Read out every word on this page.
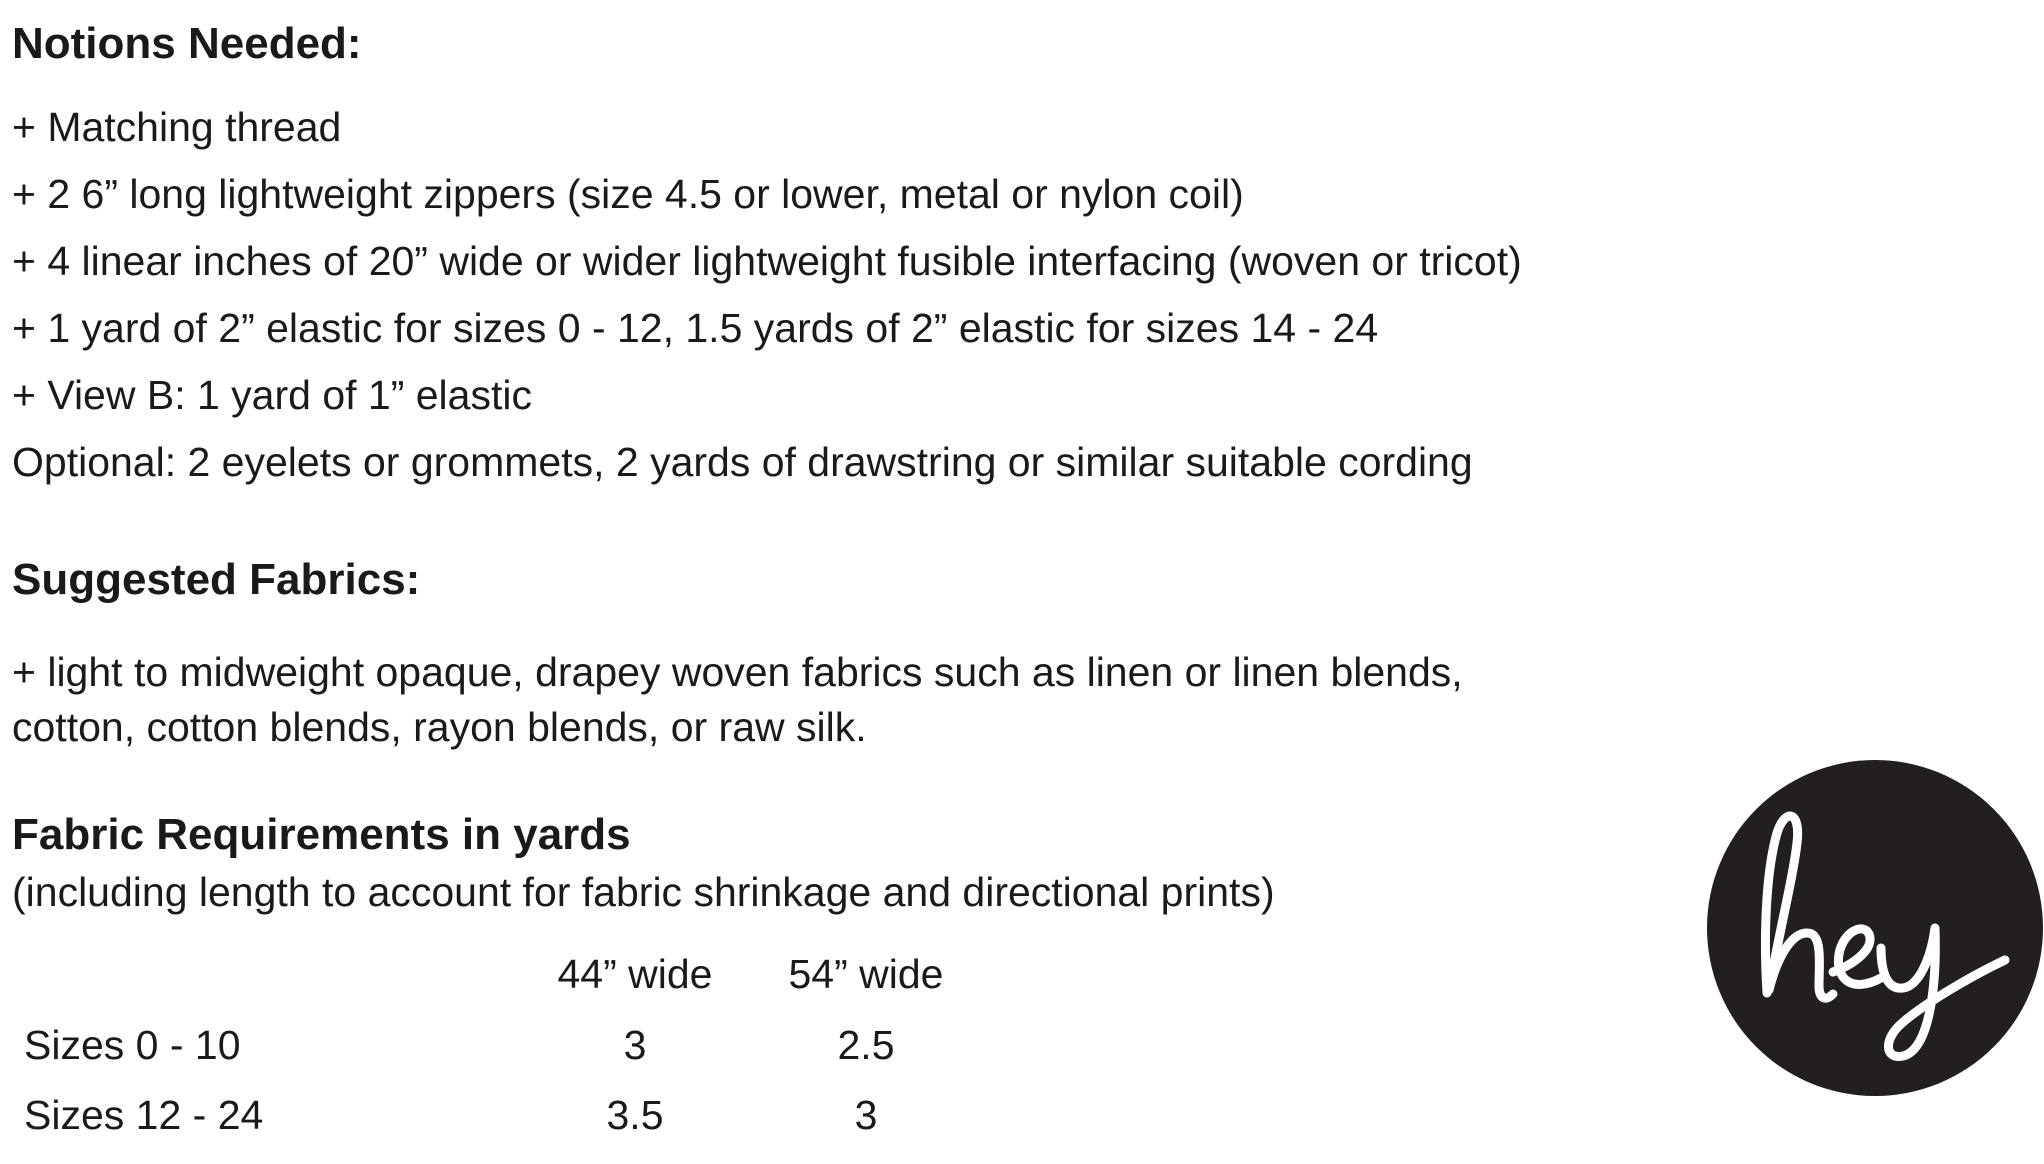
Notions Needed:
+ Matching thread
+ 2 6” long lightweight zippers (size 4.5 or lower, metal or nylon coil)
+ 4 linear inches of 20” wide or wider lightweight fusible interfacing (woven or tricot)
+ 1 yard of 2” elastic for sizes 0 - 12, 1.5 yards of 2” elastic for sizes 14 - 24
+ View B: 1 yard of 1” elastic
Optional: 2 eyelets or grommets, 2 yards of drawstring or similar suitable cording
Suggested Fabrics:
+ light to midweight opaque, drapey woven fabrics such as linen or linen blends,
cotton, cotton blends, rayon blends, or raw silk.
Fabric Requirements in yards
(including length to account for fabric shrinkage and directional prints)
44” wide 54” wide
Sizes 0 - 10	3	2.5
Sizes 12 - 24	3.5	3
